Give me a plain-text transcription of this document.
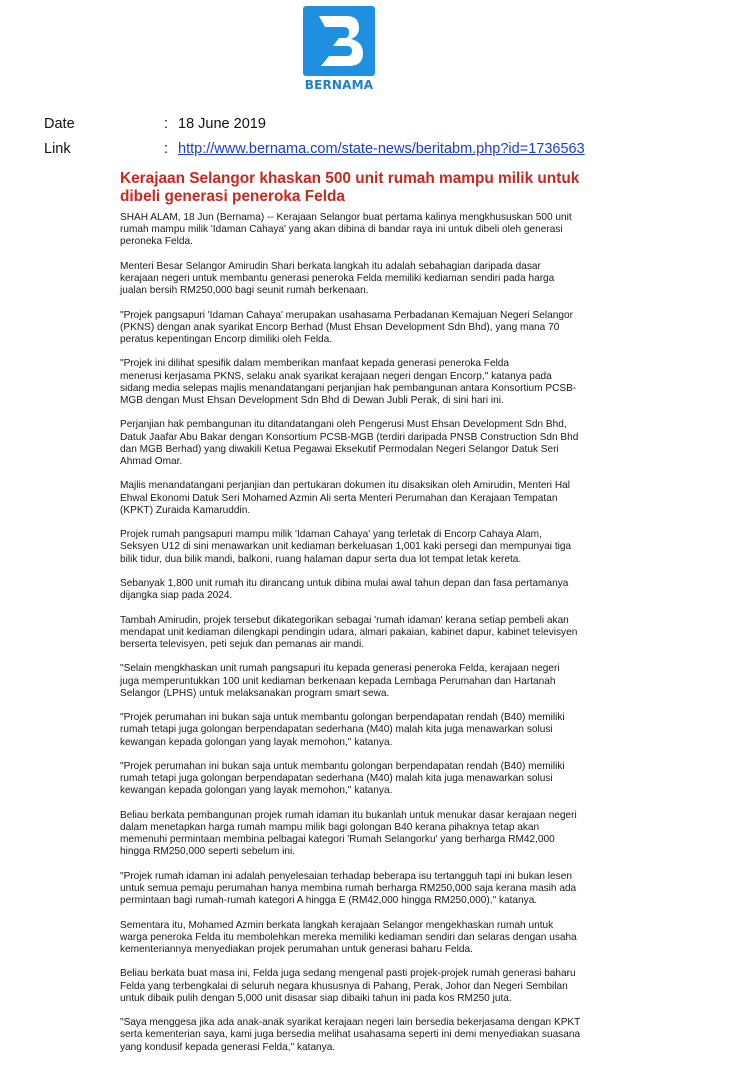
BERNAMA
Date	: 18 June 2019
Link	: http://www.bernama.com/state-news/beritabm.php?id=1736563
Kerajaan Selangor khaskan 500 unit rumah mampu milik untuk
dibeli generasi peneroka Felda

SHAH ALAM, 18 Jun (Bernama) -- Kerajaan Selangor buat pertama kalinya mengkhususkan 500 unit
rumah mampu milik 'Idaman Cahaya' yang akan dibina di bandar raya ini untuk dibeli oleh generasi
peroneka Felda.

Menteri Besar Selangor Amirudin Shari berkata langkah itu adalah sebahagian daripada dasar
kerajaan negeri untuk membantu generasi peneroka Felda memiliki kediaman sendiri pada harga
jualan bersih RM250,000 bagi seunit rumah berkenaan.

"Projek pangsapuri 'Idaman Cahaya' merupakan usahasama Perbadanan Kemajuan Negeri Selangor
(PKNS) dengan anak syarikat Encorp Berhad (Must Ehsan Development Sdn Bhd), yang mana 70
peratus kepentingan Encorp dimiliki oleh Felda.

"Projek ini dilihat spesifik dalam memberikan manfaat kepada generasi peneroka Felda
menerusi kerjasama PKNS, selaku anak syarikat kerajaan negeri dengan Encorp," katanya pada
sidang media selepas majlis menandatangani perjanjian hak pembangunan antara Konsortium PCSB-
MGB dengan Must Ehsan Development Sdn Bhd di Dewan Jubli Perak, di sini hari ini.

Perjanjian hak pembangunan itu ditandatangani oleh Pengerusi Must Ehsan Development Sdn Bhd,
Datuk Jaafar Abu Bakar dengan Konsortium PCSB-MGB (terdiri daripada PNSB Construction Sdn Bhd
dan MGB Berhad) yang diwakili Ketua Pegawai Eksekutif Permodalan Negeri Selangor Datuk Seri
Ahmad Omar.

Majlis menandatangani perjanjian dan pertukaran dokumen itu disaksikan oleh Amirudin, Menteri Hal
Ehwal Ekonomi Datuk Seri Mohamed Azmin Ali serta Menteri Perumahan dan Kerajaan Tempatan
(KPKT) Zuraida Kamaruddin.

Projek rumah pangsapuri mampu milik 'Idaman Cahaya' yang terletak di Encorp Cahaya Alam,
Seksyen U12 di sini menawarkan unit kediaman berkeluasan 1,001 kaki persegi dan mempunyai tiga
bilik tidur, dua bilik mandi, balkoni, ruang halaman dapur serta dua lot tempat letak kereta.

Sebanyak 1,800 unit rumah itu dirancang untuk dibina mulai awal tahun depan dan fasa pertamanya
dijangka siap pada 2024.

Tambah Amirudin, projek tersebut dikategorikan sebagai 'rumah idaman' kerana setiap pembeli akan
mendapat unit kediaman dilengkapi pendingin udara, almari pakaian, kabinet dapur, kabinet televisyen
berserta televisyen, peti sejuk dan pemanas air mandi.

"Selain mengkhaskan unit rumah pangsapuri itu kepada generasi peneroka Felda, kerajaan negeri
juga memperuntukkan 100 unit kediaman berkenaan kepada Lembaga Perumahan dan Hartanah
Selangor (LPHS) untuk melaksanakan program smart sewa.

"Projek perumahan ini bukan saja untuk membantu golongan berpendapatan rendah (B40) memiliki
rumah tetapi juga golongan berpendapatan sederhana (M40) malah kita juga menawarkan solusi
kewangan kepada golongan yang layak memohon," katanya.

"Projek perumahan ini bukan saja untuk membantu golongan berpendapatan rendah (B40) memiliki
rumah tetapi juga golongan berpendapatan sederhana (M40) malah kita juga menawarkan solusi
kewangan kepada golongan yang layak memohon," katanya.

Beliau berkata pembangunan projek rumah idaman itu bukanlah untuk menukar dasar kerajaan negeri
dalam menetapkan harga rumah mampu milik bagi golongan B40 kerana pihaknya tetap akan
memenuhi permintaan membina pelbagai kategori 'Rumah Selangorku' yang berharga RM42,000
hingga RM250,000 seperti sebelum ini.

"Projek rumah idaman ini adalah penyelesaian terhadap beberapa isu tertangguh tapi ini bukan lesen
untuk semua pemaju perumahan hanya membina rumah berharga RM250,000 saja kerana masih ada
permintaan bagi rumah-rumah kategori A hingga E (RM42,000 hingga RM250,000)," katanya.

Sementara itu, Mohamed Azmin berkata langkah kerajaan Selangor mengekhaskan rumah untuk
warga peneroka Felda itu membolehkan mereka memiliki kediaman sendiri dan selaras dengan usaha
kementeriannya menyediakan projek perumahan untuk generasi baharu Felda.

Beliau berkata buat masa ini, Felda juga sedang mengenal pasti projek-projek rumah generasi baharu
Felda yang terbengkalai di seluruh negara khususnya di Pahang, Perak, Johor dan Negeri Sembilan
untuk dibaik pulih dengan 5,000 unit disasar siap dibaiki tahun ini pada kos RM250 juta.

"Saya menggesa jika ada anak-anak syarikat kerajaan negeri lain bersedia bekerjasama dengan KPKT
serta kementerian saya, kami juga bersedia melihat usahasama seperti ini demi menyediakan suasana
yang kondusif kepada generasi Felda," katanya.
